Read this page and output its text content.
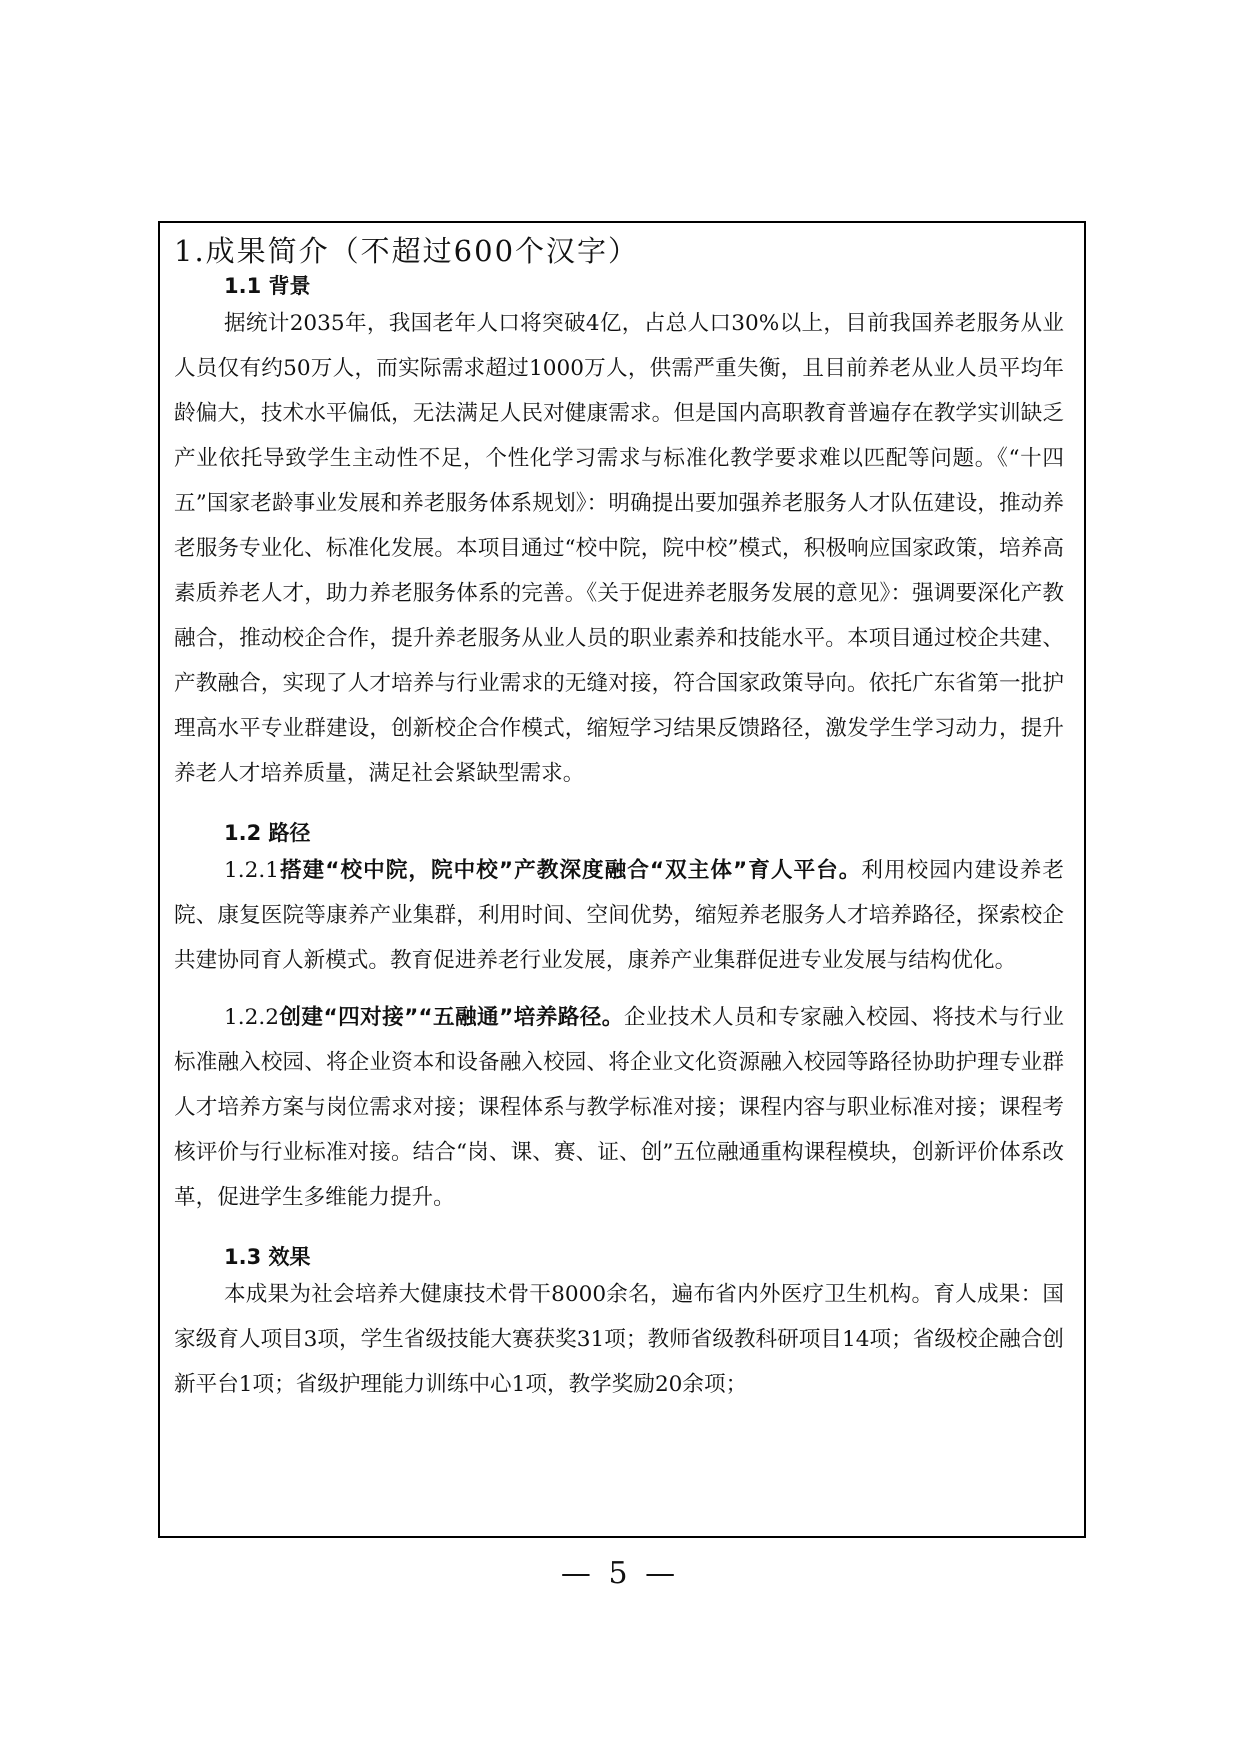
1.成果简介（不超过600个汉字）

1.1 背景

据统计2035年，我国老年人口将突破4亿，占总人口30%以上，目前我国养老服务从业人员仅有约50万人，而实际需求超过1000万人，供需严重失衡，且目前养老从业人员平均年龄偏大，技术水平偏低，无法满足人民对健康需求。但是国内高职教育普遍存在教学实训缺乏产业依托导致学生主动性不足，个性化学习需求与标准化教学要求难以匹配等问题。《“十四五”国家老龄事业发展和养老服务体系规划》：明确提出要加强养老服务人才队伍建设，推动养老服务专业化、标准化发展。本项目通过“校中院，院中校”模式，积极响应国家政策，培养高素质养老人才，助力养老服务体系的完善。《关于促进养老服务发展的意见》：强调要深化产教融合，推动校企合作，提升养老服务从业人员的职业素养和技能水平。本项目通过校企共建、产教融合，实现了人才培养与行业需求的无缝对接，符合国家政策导向。依托广东省第一批护理高水平专业群建设，创新校企合作模式，缩短学习结果反馈路径，激发学生学习动力，提升养老人才培养质量，满足社会紧缺型需求。

1.2 路径

1.2.1搭建“校中院，院中校”产教深度融合“双主体”育人平台。利用校园内建设养老院、康复医院等康养产业集群，利用时间、空间优势，缩短养老服务人才培养路径，探索校企共建协同育人新模式。教育促进养老行业发展，康养产业集群促进专业发展与结构优化。

1.2.2创建“四对接”“五融通”培养路径。企业技术人员和专家融入校园、将技术与行业标准融入校园、将企业资本和设备融入校园、将企业文化资源融入校园等路径协助护理专业群人才培养方案与岗位需求对接；课程体系与教学标准对接；课程内容与职业标准对接；课程考核评价与行业标准对接。结合“岗、课、赛、证、创”五位融通重构课程模块，创新评价体系改革，促进学生多维能力提升。

1.3 效果

本成果为社会培养大健康技术骨干8000余名，遍布省内外医疗卫生机构。育人成果：国家级育人项目3项，学生省级技能大赛获奖31项；教师省级教科研项目14项；省级校企融合创新平台1项；省级护理能力训练中心1项，教学奖励20余项；

— 5 —
